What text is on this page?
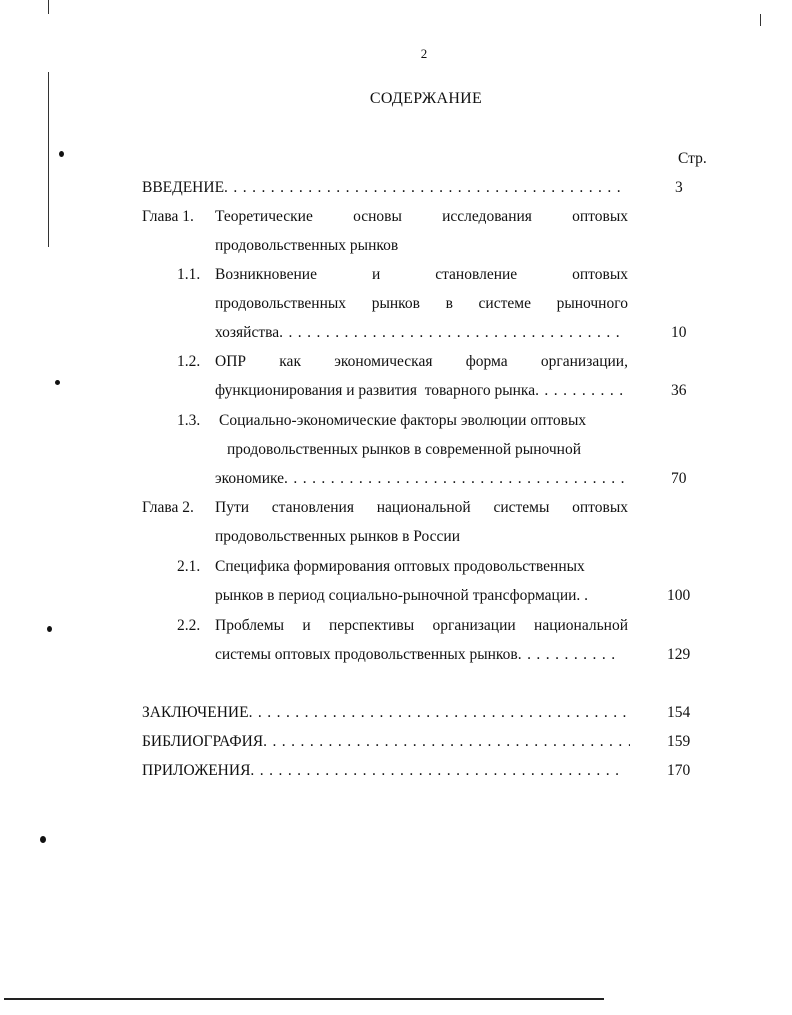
2
СОДЕРЖАНИЕ
Стр.
ВВЕДЕНИЕ . . .	3
Глава 1. Теоретические	основы	исследования	оптовых
продовольственных рынков
1.1. Возникновение	и	становление	оптовых
продовольственных рынков в системе рыночного
хозяйства . . .	10
1.2. ОПР как экономическая форма организации,
функционирования и развития  товарного рынка . . .	36
1.3. Социально-экономические факторы эволюции оптовых
продовольственных рынков в современной рыночной
экономике . . .	70
Глава 2. Пути становления национальной системы оптовых
продовольственных рынков в России
2.1. Специфика формирования оптовых продовольственных
рынков в период социально-рыночной трансформации. .	100
2.2. Проблемы и перспективы организации национальной
системы оптовых продовольственных рынков . . .	129
ЗАКЛЮЧЕНИЕ . . .	154
БИБЛИОГРАФИЯ . . .	159
ПРИЛОЖЕНИЯ . . .	170
